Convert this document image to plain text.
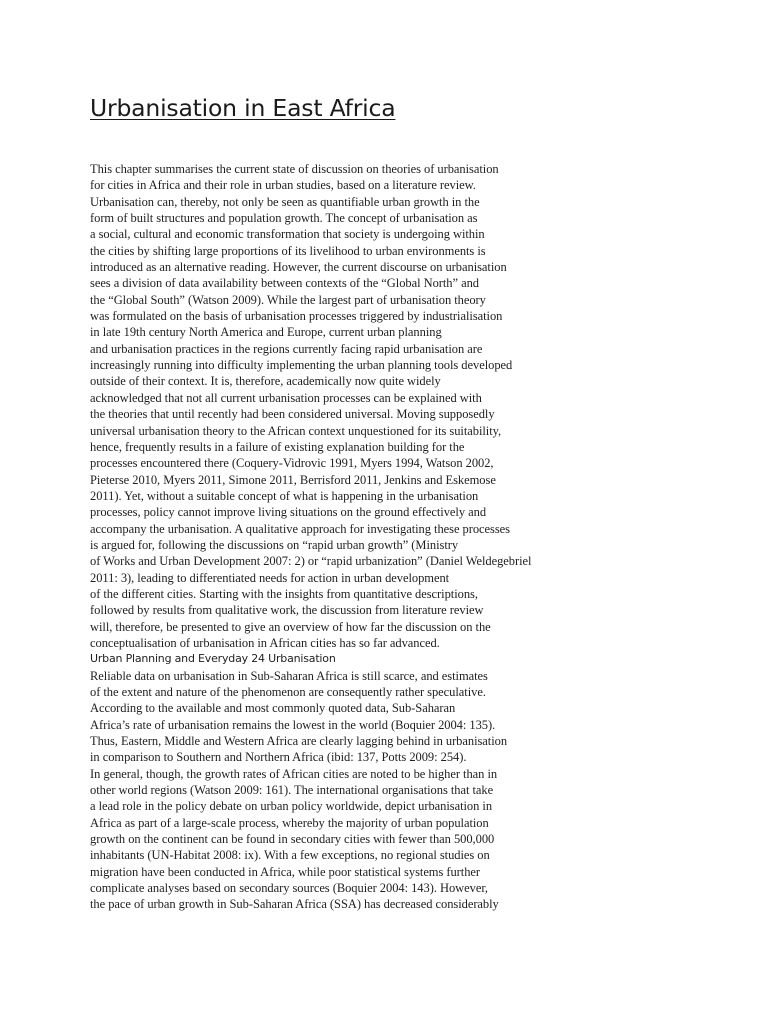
Urbanisation in East Africa
This chapter summarises the current state of discussion on theories of urbanisation
for cities in Africa and their role in urban studies, based on a literature review.
Urbanisation can, thereby, not only be seen as quantifiable urban growth in the
form of built structures and population growth. The concept of urbanisation as
a social, cultural and economic transformation that society is undergoing within
the cities by shifting large proportions of its livelihood to urban environments is
introduced as an alternative reading. However, the current discourse on urbanisation
sees a division of data availability between contexts of the “Global North” and
the “Global South” (Watson 2009). While the largest part of urbanisation theory
was formulated on the basis of urbanisation processes triggered by industrialisation
in late 19th century North America and Europe, current urban planning
and urbanisation practices in the regions currently facing rapid urbanisation are
increasingly running into difficulty implementing the urban planning tools developed
outside of their context. It is, therefore, academically now quite widely
acknowledged that not all current urbanisation processes can be explained with
the theories that until recently had been considered universal. Moving supposedly
universal urbanisation theory to the African context unquestioned for its suitability,
hence, frequently results in a failure of existing explanation building for the
processes encountered there (Coquery-Vidrovic 1991, Myers 1994, Watson 2002,
Pieterse 2010, Myers 2011, Simone 2011, Berrisford 2011, Jenkins and Eskemose
2011). Yet, without a suitable concept of what is happening in the urbanisation
processes, policy cannot improve living situations on the ground effectively and
accompany the urbanisation. A qualitative approach for investigating these processes
is argued for, following the discussions on “rapid urban growth” (Ministry
of Works and Urban Development 2007: 2) or “rapid urbanization” (Daniel Weldegebriel
2011: 3), leading to differentiated needs for action in urban development
of the different cities. Starting with the insights from quantitative descriptions,
followed by results from qualitative work, the discussion from literature review
will, therefore, be presented to give an overview of how far the discussion on the
conceptualisation of urbanisation in African cities has so far advanced.
Urban Planning and Everyday 24 Urbanisation
Reliable data on urbanisation in Sub-Saharan Africa is still scarce, and estimates
of the extent and nature of the phenomenon are consequently rather speculative.
According to the available and most commonly quoted data, Sub-Saharan
Africa’s rate of urbanisation remains the lowest in the world (Boquier 2004: 135).
Thus, Eastern, Middle and Western Africa are clearly lagging behind in urbanisation
in comparison to Southern and Northern Africa (ibid: 137, Potts 2009: 254).
In general, though, the growth rates of African cities are noted to be higher than in
other world regions (Watson 2009: 161). The international organisations that take
a lead role in the policy debate on urban policy worldwide, depict urbanisation in
Africa as part of a large-scale process, whereby the majority of urban population
growth on the continent can be found in secondary cities with fewer than 500,000
inhabitants (UN-Habitat 2008: ix). With a few exceptions, no regional studies on
migration have been conducted in Africa, while poor statistical systems further
complicate analyses based on secondary sources (Boquier 2004: 143). However,
the pace of urban growth in Sub-Saharan Africa (SSA) has decreased considerably
